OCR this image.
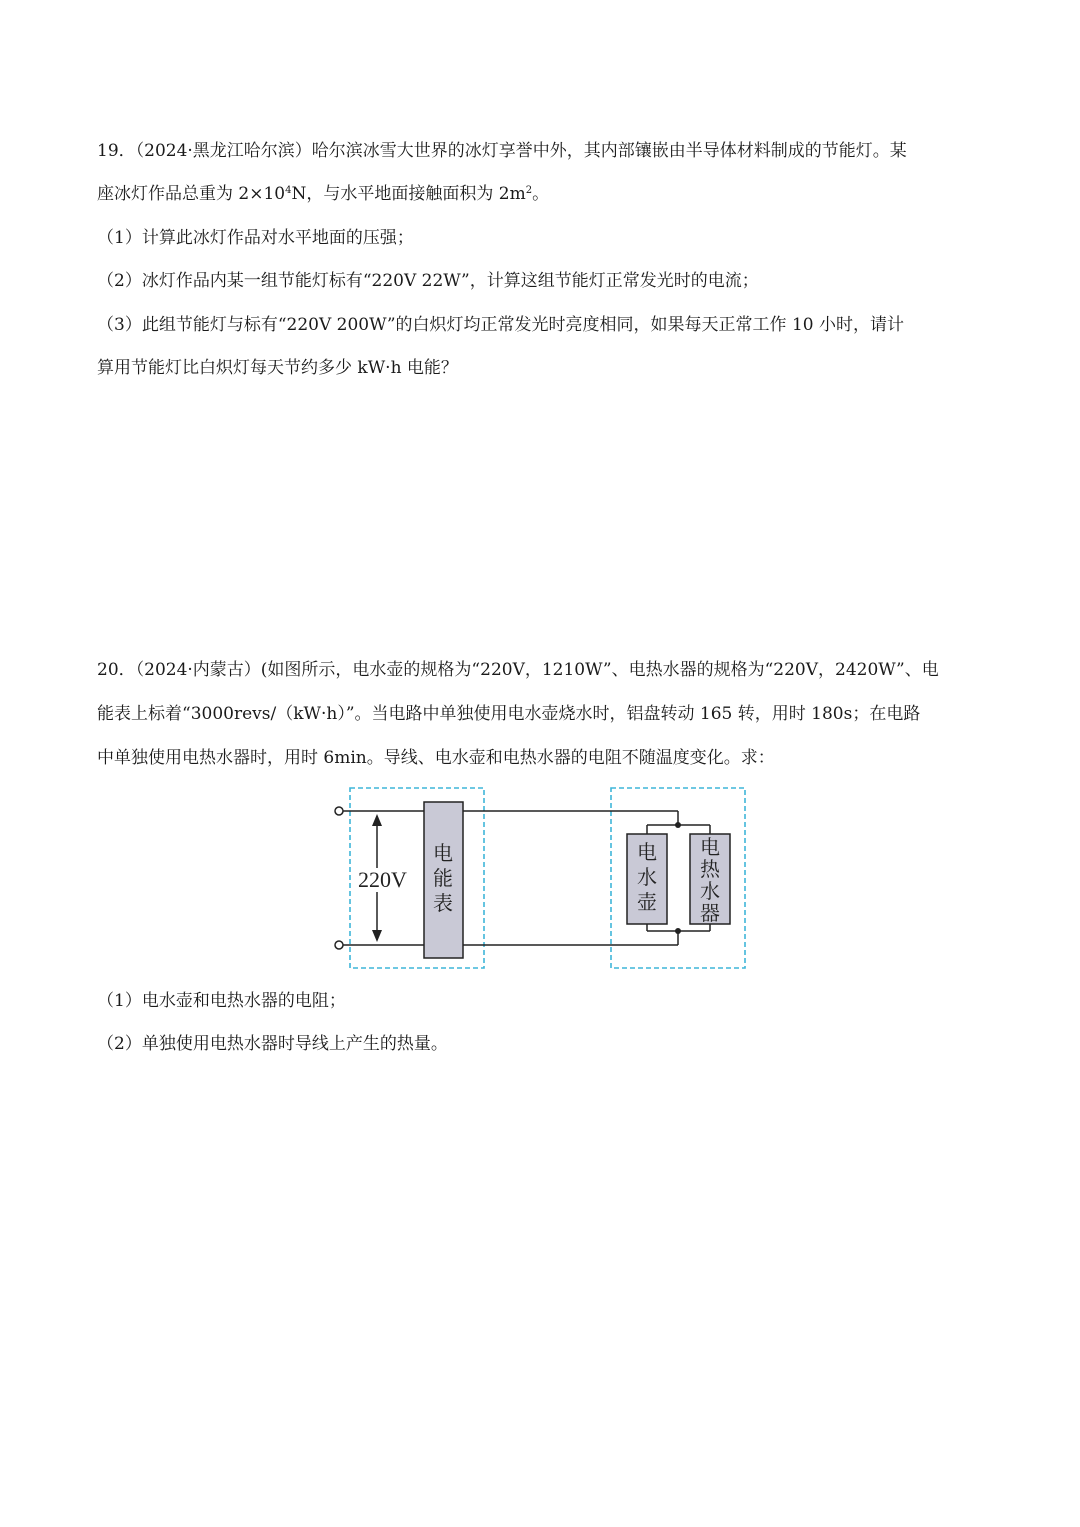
19．（2024·黑龙江哈尔滨）哈尔滨冰雪大世界的冰灯享誉中外，其内部镶嵌由半导体材料制成的节能灯。某
座冰灯作品总重为 $2\times 10^4N$，与水平地面接触面积为 $2m^2$。
（1）计算此冰灯作品对水平地面的压强；
（2）冰灯作品内某一组节能灯标有“220V 22W”，计算这组节能灯正常发光时的电流；
（3）此组节能灯与标有“220V 200W”的白炽灯均正常发光时亮度相同，如果每天正常工作 10 小时，请计
算用节能灯比白炽灯每天节约多少 kW·h 电能？
20．（2024·内蒙古）(如图所示，电水壶的规格为“220V，1210W”、电热水器的规格为“220V，2420W”、电
能表上标着“3000revs/（kW·h）”。当电路中单独使用电水壶烧水时，铝盘转动 165 转，用时 180s；在电路
中单独使用电热水器时，用时 6min。导线、电水壶和电热水器的电阻不随温度变化。求：
220V
电
能
表
电
水
壶
电
热
水
器
（1）电水壶和电热水器的电阻；
（2）单独使用电热水器时导线上产生的热量。
